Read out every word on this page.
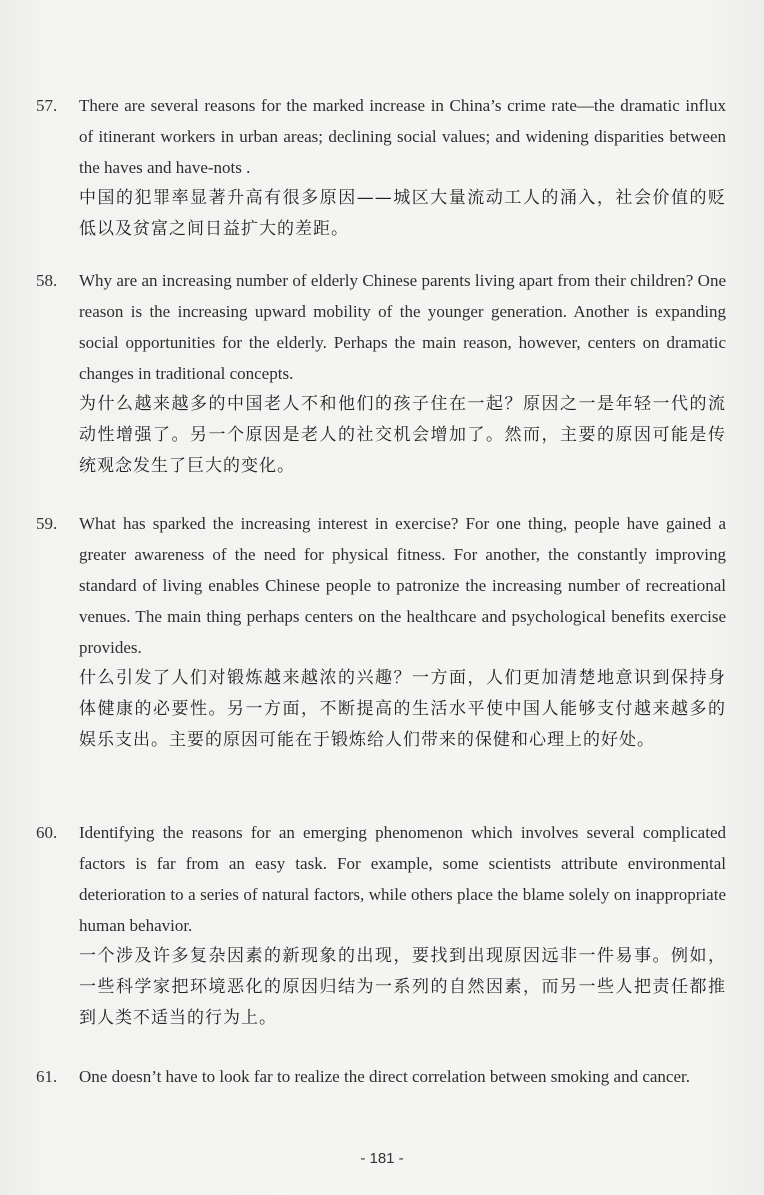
57.	There are several reasons for the marked increase in China’s crime rate—the dramatic influx of itinerant workers in urban areas; declining social values; and widening disparities between the haves and have-nots .
中国的犯罪率显著升高有很多原因——城区大量流动工人的涌入，社会价值的贬低以及贫富之间日益扩大的差距。
58.	Why are an increasing number of elderly Chinese parents living apart from their children? One reason is the increasing upward mobility of the younger generation. Another is expanding social opportunities for the elderly. Perhaps the main reason, however, centers on dramatic changes in traditional concepts.
为什么越来越多的中国老人不和他们的孩子住在一起？原因之一是年轻一代的流动性增强了。另一个原因是老人的社交机会增加了。然而，主要的原因可能是传统观念发生了巨大的变化。
59.	What has sparked the increasing interest in exercise? For one thing, people have gained a greater awareness of the need for physical fitness. For another, the constantly improving standard of living enables Chinese people to patronize the increasing number of recreational venues. The main thing perhaps centers on the healthcare and psychological benefits exercise provides.
什么引发了人们对锻炼越来越浓的兴趣？一方面，人们更加清楚地意识到保持身体健康的必要性。另一方面，不断提高的生活水平使中国人能够支付越来越多的娱乐支出。主要的原因可能在于锻炼给人们带来的保健和心理上的好处。
60.	Identifying the reasons for an emerging phenomenon which involves several complicated factors is far from an easy task. For example, some scientists attribute environmental deterioration to a series of natural factors, while others place the blame solely on inappropriate human behavior.
一个涉及许多复杂因素的新现象的出现，要找到出现原因远非一件易事。例如，一些科学家把环境恶化的原因归结为一系列的自然因素，而另一些人把责任都推到人类不适当的行为上。
61.	One doesn’t have to look far to realize the direct correlation between smoking and cancer.
- 181 -
